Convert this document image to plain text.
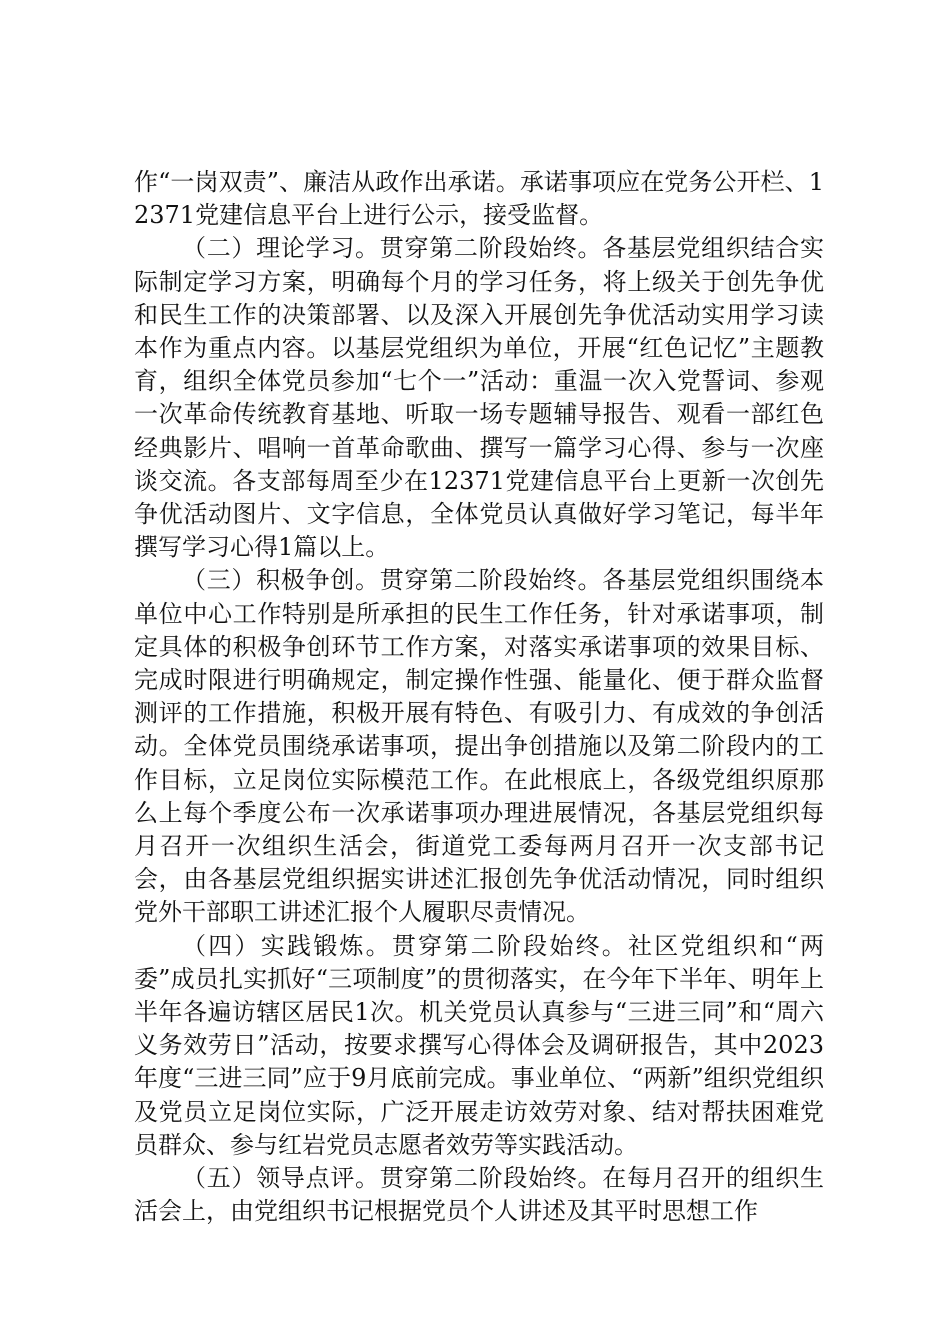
作“一岗双责”、廉洁从政作出承诺。承诺事项应在党务公开栏、12371党建信息平台上进行公示，接受监督。

（二）理论学习。贯穿第二阶段始终。各基层党组织结合实际制定学习方案，明确每个月的学习任务，将上级关于创先争优和民生工作的决策部署、以及深入开展创先争优活动实用学习读本作为重点内容。以基层党组织为单位，开展“红色记忆”主题教育，组织全体党员参加“七个一”活动：重温一次入党誓词、参观一次革命传统教育基地、听取一场专题辅导报告、观看一部红色经典影片、唱响一首革命歌曲、撰写一篇学习心得、参与一次座谈交流。各支部每周至少在12371党建信息平台上更新一次创先争优活动图片、文字信息，全体党员认真做好学习笔记，每半年撰写学习心得1篇以上。

（三）积极争创。贯穿第二阶段始终。各基层党组织围绕本单位中心工作特别是所承担的民生工作任务，针对承诺事项，制定具体的积极争创环节工作方案，对落实承诺事项的效果目标、完成时限进行明确规定，制定操作性强、能量化、便于群众监督测评的工作措施，积极开展有特色、有吸引力、有成效的争创活动。全体党员围绕承诺事项，提出争创措施以及第二阶段内的工作目标，立足岗位实际模范工作。在此根底上，各级党组织原那么上每个季度公布一次承诺事项办理进展情况，各基层党组织每月召开一次组织生活会，街道党工委每两月召开一次支部书记会，由各基层党组织据实讲述汇报创先争优活动情况，同时组织党外干部职工讲述汇报个人履职尽责情况。

（四）实践锻炼。贯穿第二阶段始终。社区党组织和“两委”成员扎实抓好“三项制度”的贯彻落实，在今年下半年、明年上半年各遍访辖区居民1次。机关党员认真参与“三进三同”和“周六义务效劳日”活动，按要求撰写心得体会及调研报告，其中2023年度“三进三同”应于9月底前完成。事业单位、“两新”组织党组织及党员立足岗位实际，广泛开展走访效劳对象、结对帮扶困难党员群众、参与红岩党员志愿者效劳等实践活动。

（五）领导点评。贯穿第二阶段始终。在每月召开的组织生活会上，由党组织书记根据党员个人讲述及其平时思想工作
